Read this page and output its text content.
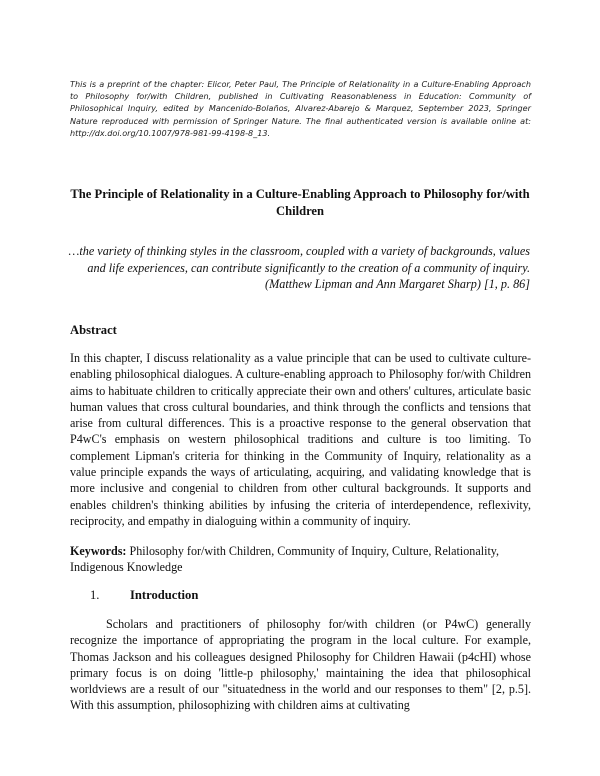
This is a preprint of the chapter: Elicor, Peter Paul, The Principle of Relationality in a Culture-Enabling Approach to Philosophy for/with Children, published in Cultivating Reasonableness in Education: Community of Philosophical Inquiry, edited by Mancenido-Bolaños, Alvarez-Abarejo & Marquez, September 2023, Springer Nature reproduced with permission of Springer Nature. The final authenticated version is available online at: http://dx.doi.org/10.1007/978-981-99-4198-8_13.
The Principle of Relationality in a Culture-Enabling Approach to Philosophy for/with Children
…the variety of thinking styles in the classroom, coupled with a variety of backgrounds, values and life experiences, can contribute significantly to the creation of a community of inquiry. (Matthew Lipman and Ann Margaret Sharp) [1, p. 86]
Abstract
In this chapter, I discuss relationality as a value principle that can be used to cultivate culture-enabling philosophical dialogues. A culture-enabling approach to Philosophy for/with Children aims to habituate children to critically appreciate their own and others' cultures, articulate basic human values that cross cultural boundaries, and think through the conflicts and tensions that arise from cultural differences. This is a proactive response to the general observation that P4wC's emphasis on western philosophical traditions and culture is too limiting. To complement Lipman's criteria for thinking in the Community of Inquiry, relationality as a value principle expands the ways of articulating, acquiring, and validating knowledge that is more inclusive and congenial to children from other cultural backgrounds. It supports and enables children's thinking abilities by infusing the criteria of interdependence, reflexivity, reciprocity, and empathy in dialoguing within a community of inquiry.
Keywords: Philosophy for/with Children, Community of Inquiry, Culture, Relationality, Indigenous Knowledge
1. Introduction
Scholars and practitioners of philosophy for/with children (or P4wC) generally recognize the importance of appropriating the program in the local culture. For example, Thomas Jackson and his colleagues designed Philosophy for Children Hawaii (p4cHI) whose primary focus is on doing 'little-p philosophy,' maintaining the idea that philosophical worldviews are a result of our "situatedness in the world and our responses to them" [2, p.5]. With this assumption, philosophizing with children aims at cultivating
